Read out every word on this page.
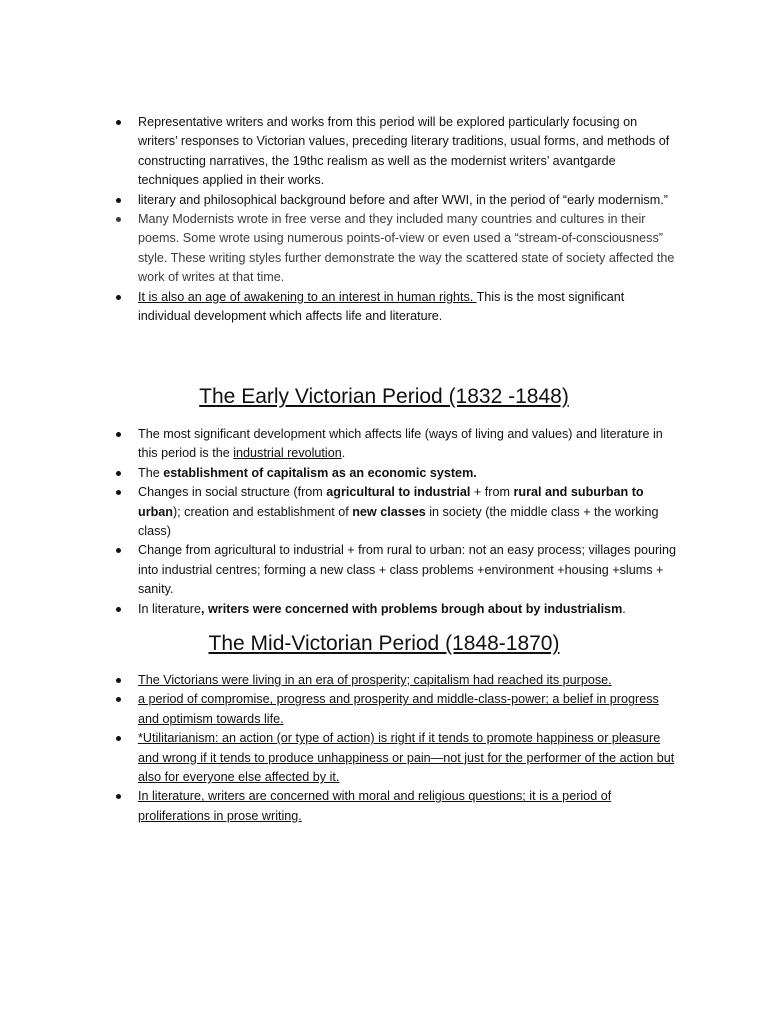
Representative writers and works from this period will be explored particularly focusing on writers’ responses to Victorian values, preceding literary traditions, usual forms, and methods of constructing narratives, the 19thc realism as well as the modernist writers’ avantgarde techniques applied in their works.
literary and philosophical background before and after WWI, in the period of “early modernism.”
Many Modernists wrote in free verse and they included many countries and cultures in their poems. Some wrote using numerous points-of-view or even used a “stream-of-consciousness” style. These writing styles further demonstrate the way the scattered state of society affected the work of writes at that time.
It is also an age of awakening to an interest in human rights. This is the most significant individual development which affects life and literature.
The Early Victorian Period (1832 -1848)
The most significant development which affects life (ways of living and values) and literature in this period is the industrial revolution.
The establishment of capitalism as an economic system.
Changes in social structure (from agricultural to industrial + from rural and suburban to urban); creation and establishment of new classes in society (the middle class + the working class)
Change from agricultural to industrial + from rural to urban: not an easy process; villages pouring into industrial centres; forming a new class + class problems +environment +housing +slums + sanity.
In literature, writers were concerned with problems brough about by industrialism.
The Mid-Victorian Period (1848-1870)
The Victorians were living in an era of prosperity; capitalism had reached its purpose.
a period of compromise, progress and prosperity and middle-class-power; a belief in progress and optimism towards life.
*Utilitarianism: an action (or type of action) is right if it tends to promote happiness or pleasure and wrong if it tends to produce unhappiness or pain—not just for the performer of the action but also for everyone else affected by it.
In literature, writers are concerned with moral and religious questions; it is a period of proliferations in prose writing.
